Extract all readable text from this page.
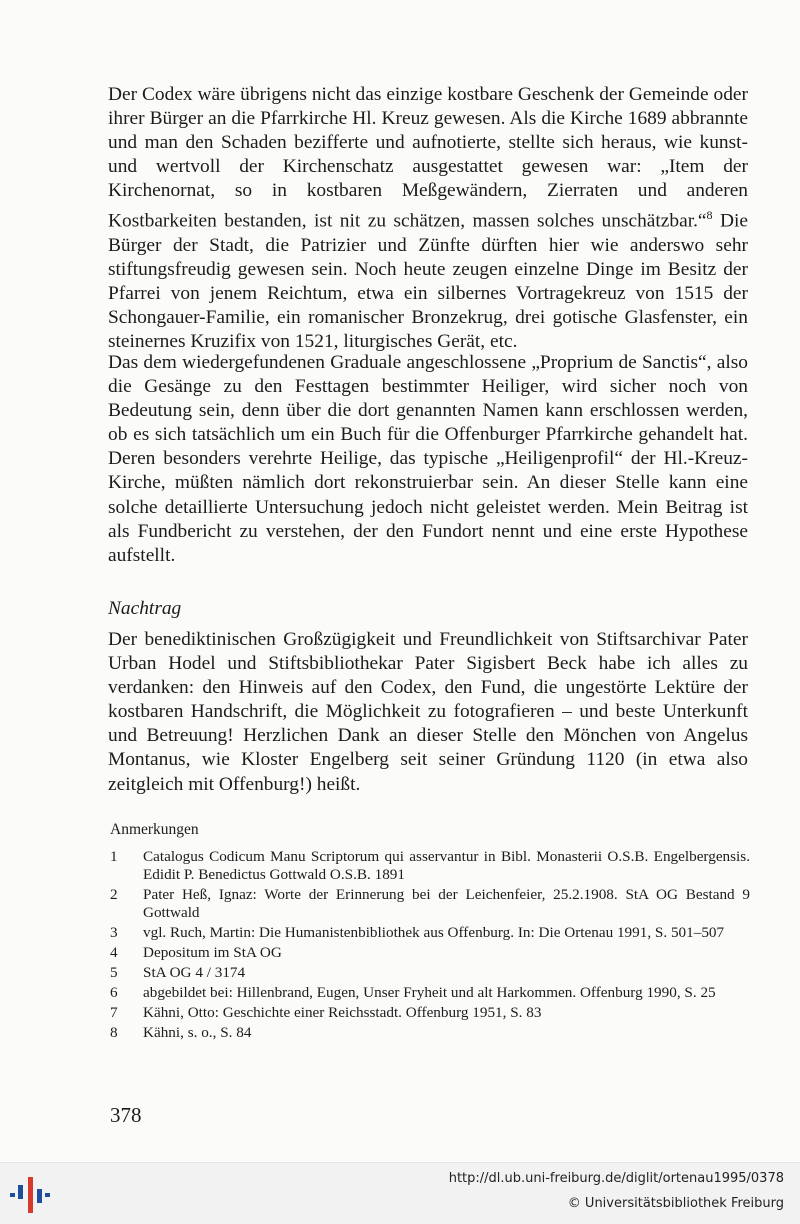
Der Codex wäre übrigens nicht das einzige kostbare Geschenk der Gemeinde oder ihrer Bürger an die Pfarrkirche Hl. Kreuz gewesen. Als die Kirche 1689 abbrannte und man den Schaden bezifferte und aufnotierte, stellte sich heraus, wie kunst- und wertvoll der Kirchenschatz ausgestattet gewesen war: „Item der Kirchenornat, so in kostbaren Meßgewändern, Zierraten und anderen Kostbarkeiten bestanden, ist nit zu schätzen, massen solches unschätzbar.“$^8$ Die Bürger der Stadt, die Patrizier und Zünfte dürften hier wie anderswo sehr stiftungsfreudig gewesen sein. Noch heute zeugen einzelne Dinge im Besitz der Pfarrei von jenem Reichtum, etwa ein silbernes Vortragekreuz von 1515 der Schongauer-Familie, ein romanischer Bronzekrug, drei gotische Glasfenster, ein steinernes Kruzifix von 1521, liturgisches Gerät, etc.
Das dem wiedergefundenen Graduale angeschlossene „Proprium de Sanctis“, also die Gesänge zu den Festtagen bestimmter Heiliger, wird sicher noch von Bedeutung sein, denn über die dort genannten Namen kann erschlossen werden, ob es sich tatsächlich um ein Buch für die Offenburger Pfarrkirche gehandelt hat. Deren besonders verehrte Heilige, das typische „Heiligenprofil“ der Hl.-Kreuz-Kirche, müßten nämlich dort rekonstruierbar sein. An dieser Stelle kann eine solche detaillierte Untersuchung jedoch nicht geleistet werden. Mein Beitrag ist als Fundbericht zu verstehen, der den Fundort nennt und eine erste Hypothese aufstellt.
Nachtrag
Der benediktinischen Großzügigkeit und Freundlichkeit von Stiftsarchivar Pater Urban Hodel und Stiftsbibliothekar Pater Sigisbert Beck habe ich alles zu verdanken: den Hinweis auf den Codex, den Fund, die ungestörte Lektüre der kostbaren Handschrift, die Möglichkeit zu fotografieren – und beste Unterkunft und Betreuung! Herzlichen Dank an dieser Stelle den Mönchen von Angelus Montanus, wie Kloster Engelberg seit seiner Gründung 1120 (in etwa also zeitgleich mit Offenburg!) heißt.
Anmerkungen
1	Catalogus Codicum Manu Scriptorum qui asservantur in Bibl. Monasterii O.S.B. Engelbergensis. Edidit P. Benedictus Gottwald O.S.B. 1891
2	Pater Heß, Ignaz: Worte der Erinnerung bei der Leichenfeier, 25.2.1908. StA OG Bestand 9 Gottwald
3	vgl. Ruch, Martin: Die Humanistenbibliothek aus Offenburg. In: Die Ortenau 1991, S. 501–507
4	Depositum im StA OG
5	StA OG 4 / 3174
6	abgebildet bei: Hillenbrand, Eugen, Unser Fryheit und alt Harkommen. Offenburg 1990, S. 25
7	Kähni, Otto: Geschichte einer Reichsstadt. Offenburg 1951, S. 83
8	Kähni, s. o., S. 84
378
http://dl.ub.uni-freiburg.de/diglit/ortenau1995/0378
© Universitätsbibliothek Freiburg
